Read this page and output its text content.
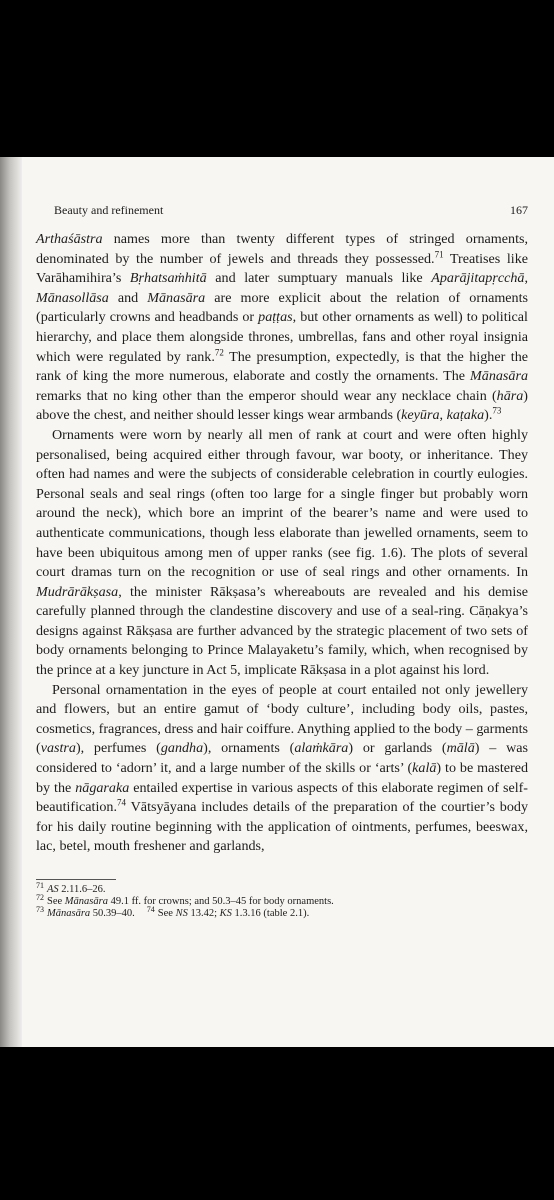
Beauty and refinement	167

Arthaśāstra names more than twenty different types of stringed ornaments, denominated by the number of jewels and threads they possessed.$^{71}$ Treatises like Varāhamihira’s Bṛhatsaṁhitā and later sumptuary manuals like Aparājitapṛcchā, Mānasollāsa and Mānasāra are more explicit about the relation of ornaments (particularly crowns and headbands or paṭṭas, but other ornaments as well) to political hierarchy, and place them alongside thrones, umbrellas, fans and other royal insignia which were regulated by rank.$^{72}$ The presumption, expectedly, is that the higher the rank of king the more numerous, elaborate and costly the ornaments. The Mānasāra remarks that no king other than the emperor should wear any necklace chain (hāra) above the chest, and neither should lesser kings wear armbands (keyūra, kaṭaka).$^{73}$

Ornaments were worn by nearly all men of rank at court and were often highly personalised, being acquired either through favour, war booty, or inheritance. They often had names and were the subjects of considerable celebration in courtly eulogies. Personal seals and seal rings (often too large for a single finger but probably worn around the neck), which bore an imprint of the bearer’s name and were used to authenticate communications, though less elaborate than jewelled ornaments, seem to have been ubiquitous among men of upper ranks (see fig. 1.6). The plots of several court dramas turn on the recognition or use of seal rings and other ornaments. In Mudrārākṣasa, the minister Rākṣasa’s whereabouts are revealed and his demise carefully planned through the clandestine discovery and use of a seal-ring. Cāṇakya’s designs against Rākṣasa are further advanced by the strategic placement of two sets of body ornaments belonging to Prince Malayaketu’s family, which, when recognised by the prince at a key juncture in Act 5, implicate Rākṣasa in a plot against his lord.

Personal ornamentation in the eyes of people at court entailed not only jewellery and flowers, but an entire gamut of ‘body culture’, including body oils, pastes, cosmetics, fragrances, dress and hair coiffure. Anything applied to the body – garments (vastra), perfumes (gandha), ornaments (alaṁkāra) or garlands (mālā) – was considered to ‘adorn’ it, and a large number of the skills or ‘arts’ (kalā) to be mastered by the nāgaraka entailed expertise in various aspects of this elaborate regimen of self-beautification.$^{74}$ Vātsyāyana includes details of the preparation of the courtier’s body for his daily routine beginning with the application of ointments, perfumes, beeswax, lac, betel, mouth freshener and garlands,

$^{71}$ AS 2.11.6–26.
$^{72}$ See Mānasāra 49.1 ff. for crowns; and 50.3–45 for body ornaments.
$^{73}$ Mānasāra 50.39–40. $^{74}$ See NS 13.42; KS 1.3.16 (table 2.1).
